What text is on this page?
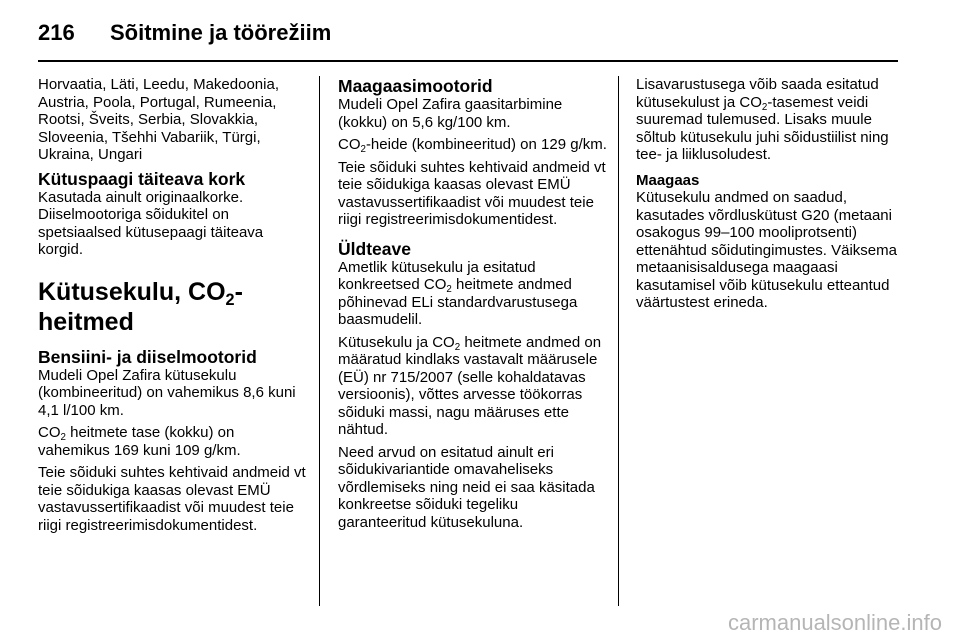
216 Sõitmine ja töörežiim

Horvaatia, Läti, Leedu, Makedoonia, Austria, Poola, Portugal, Rumeenia, Rootsi, Šveits, Serbia, Slovakkia, Sloveenia, Tšehhi Vabariik, Türgi, Ukraina, Ungari

Kütuspaagi täiteava kork

Kasutada ainult originaalkorke. Diiselmootoriga sõidukitel on spetsiaalsed kütusepaagi täiteava korgid.

Kütusekulu, $CO_2$-heitmed
Bensiini- ja diiselmootorid

Mudeli Opel Zafira kütusekulu (kombineeritud) on vahemikus 8,6 kuni 4,1 l/100 km.

$CO_2$ heitmete tase (kokku) on vahemikus 169 kuni 109 g/km.

Teie sõiduki suhtes kehtivaid andmeid vt teie sõidukiga kaasas olevast EMÜ vastavussertifikaadist või muudest teie riigi registreerimisdokumentidest.

Maagaasimootorid

Mudeli Opel Zafira gaasitarbimine (kokku) on 5,6 kg/100 km.

$CO_2$-heide (kombineeritud) on 129 g/km.

Teie sõiduki suhtes kehtivaid andmeid vt teie sõidukiga kaasas olevast EMÜ vastavussertifikaadist või muudest teie riigi registreerimisdokumentidest.

Üldteave

Ametlik kütusekulu ja esitatud konkreetsed $CO_2$ heitmete andmed põhinevad ELi standardvarustusega baasmudelil.

Kütusekulu ja $CO_2$ heitmete andmed on määratud kindlaks vastavalt määrusele (EÜ) nr 715/2007 (selle kohaldatavas versioonis), võttes arvesse töökorras sõiduki massi, nagu määruses ette nähtud.

Need arvud on esitatud ainult eri sõidukivariantide omavaheliseks võrdlemiseks ning neid ei saa käsitada konkreetse sõiduki tegeliku garanteeritud kütusekuluna.

Lisavarustusega võib saada esitatud kütusekulust ja $CO_2$-tasemest veidi suuremad tulemused. Lisaks muule sõltub kütusekulu juhi sõidustiilist ning tee- ja liiklusoludest.

Maagaas

Kütusekulu andmed on saadud, kasutades võrdluskütust G20 (metaani osakogus 99–100 mooliprotsenti) ettenähtud sõidutingimustes. Väiksema metaanisisaldusega maagaasi kasutamisel võib kütusekulu etteantud väärtustest erineda.

carmanualsonline.info
